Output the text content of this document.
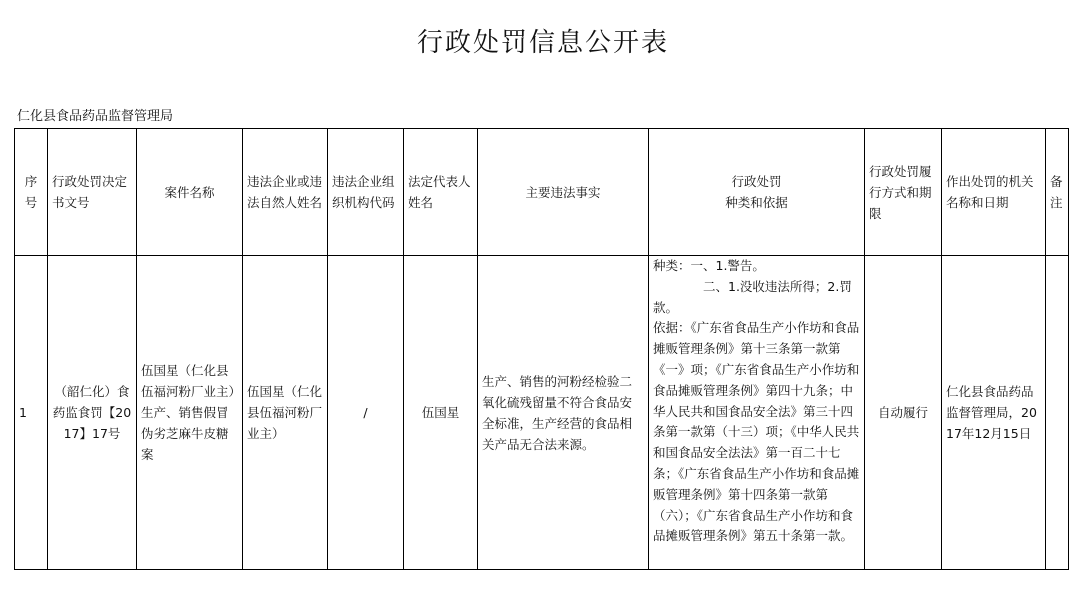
行政处罚信息公开表
仁化县食品药品监督管理局
序号	行政处罚决定书文号	案件名称	违法企业或违法自然人姓名	违法企业组织机构代码	法定代表人姓名	主要违法事实	行政处罚
种类和依据	行政处罚履行方式和期限	作出处罚的机关名称和日期	备注
1	（韶仁化）食药监食罚【2017】17号	伍国星（仁化县伍福河粉厂业主）生产、销售假冒伪劣芝麻牛皮糖案	伍国星（仁化县伍福河粉厂业主）	/	伍国星	生产、销售的河粉经检验二氧化硫残留量不符合食品安全标准，生产经营的食品相关产品无合法来源。	种类：一、1.警告。
　　　　二、1.没收违法所得；2.罚款。
依据：《广东省食品生产小作坊和食品摊贩管理条例》第十三条第一款第《一》项；《广东省食品生产小作坊和食品摊贩管理条例》第四十九条；中华人民共和国食品安全法》第三十四条第一款第（十三）项；《中华人民共和国食品安全法法》第一百二十七条；《广东省食品生产小作坊和食品摊贩管理条例》第十四条第一款第（六）；《广东省食品生产小作坊和食品摊贩管理条例》第五十条第一款。	自动履行	仁化县食品药品监督管理局，2017年12月15日	
